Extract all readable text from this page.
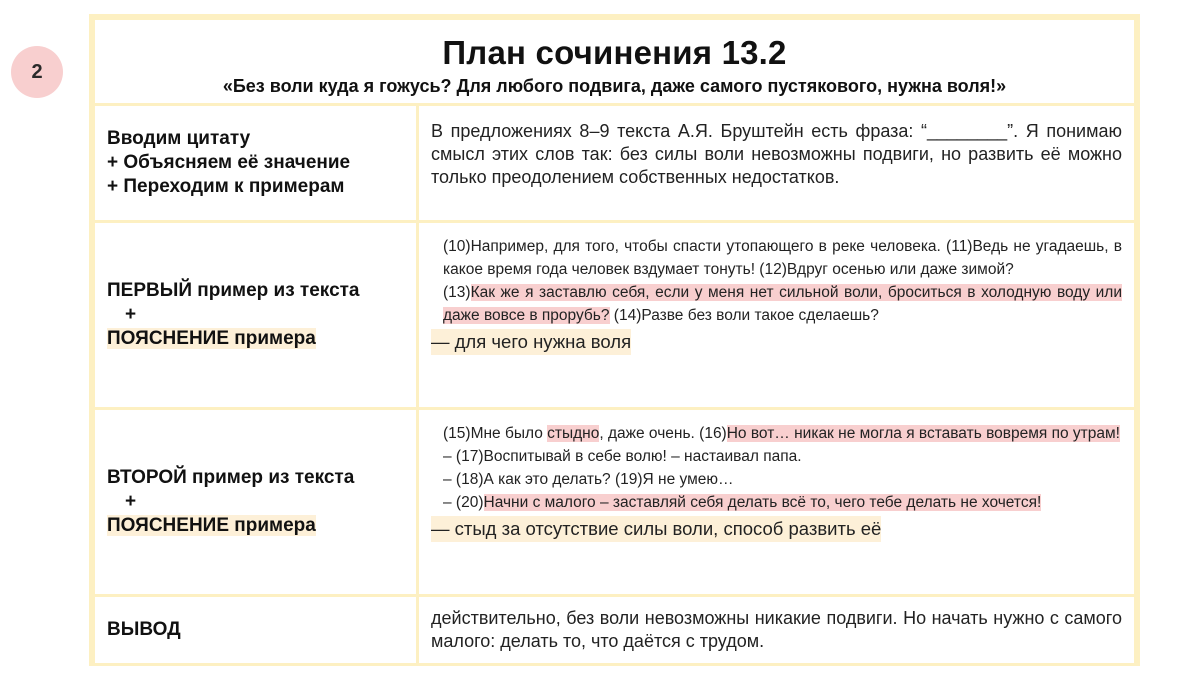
2
План сочинения 13.2
«Без воли куда я гожусь? Для любого подвига, даже самого пустякового, нужна воля!»
Вводим цитату
+ Объясняем её значение
+ Переходим к примерам

В предложениях 8–9 текста А.Я. Бруштейн есть фраза: “________”. Я понимаю смысл этих слов так: без силы воли невозможны подвиги, но развить её можно только преодолением собственных недостатков.

ПЕРВЫЙ пример из текста
+
ПОЯСНЕНИЕ примера

(10)Например, для того, чтобы спасти утопающего в реке человека. (11)Ведь не угадаешь, в какое время года человек вздумает тонуть! (12)Вдруг осенью или даже зимой?

(13)Как же я заставлю себя, если у меня нет сильной воли, броситься в холодную воду или даже вовсе в прорубь? (14)Разве без воли такое сделаешь?

— для чего нужна воля
ВТОРОЙ пример из текста
+
ПОЯСНЕНИЕ примера

(15)Мне было стыдно, даже очень. (16)Но вот… никак не могла я вставать вовремя по утрам!

– (17)Воспитывай в себе волю! – настаивал папа.

– (18)А как это делать? (19)Я не умею…

– (20)Начни с малого – заставляй себя делать всё то, чего тебе делать не хочется!

— стыд за отсутствие силы воли, способ развить её
ВЫВОД

действительно, без воли невозможны никакие подвиги. Но начать нужно с самого малого: делать то, что даётся с трудом.
